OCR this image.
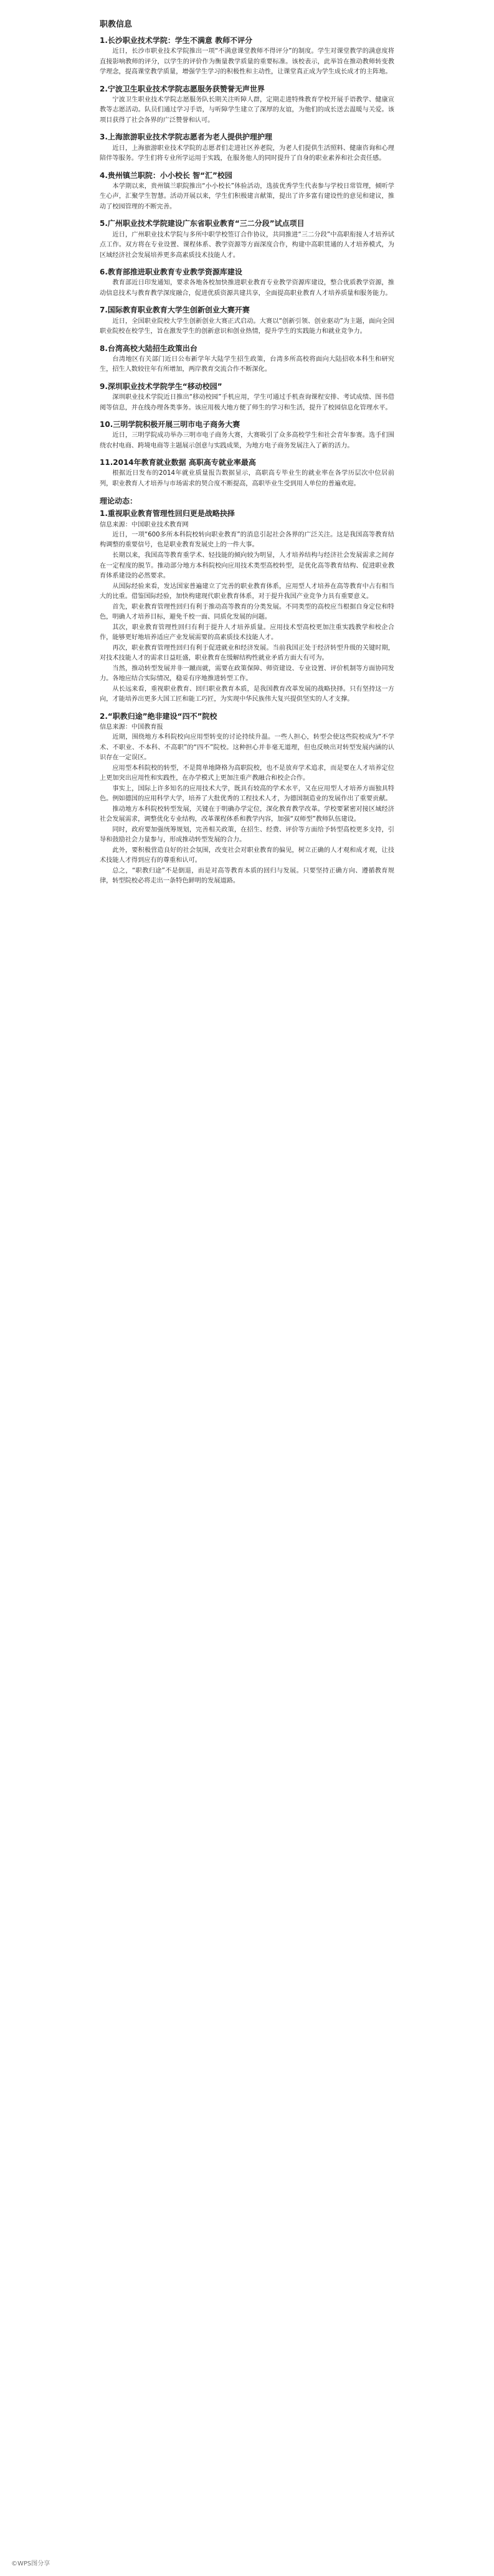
职教信息
1.长沙职业技术学院：学生不满意 教师不评分

近日，长沙市职业技术学院推出一项“不满意课堂教师不得评分”的制度。学生对课堂教学的满意度将直接影响教师的评分，以学生的评价作为衡量教学质量的重要标准。该校表示，此举旨在推动教师转变教学理念，提高课堂教学质量，增强学生学习的积极性和主动性，让课堂真正成为学生成长成才的主阵地。

2.宁波卫生职业技术学院志愿服务获赞誉无声世界

宁波卫生职业技术学院志愿服务队长期关注听障人群，定期走进特殊教育学校开展手语教学、健康宣教等志愿活动。队员们通过学习手语，与听障学生建立了深厚的友谊，为他们的成长送去温暖与关爱。该项目获得了社会各界的广泛赞誉和认可。

3.上海旅游职业技术学院志愿者为老人提供护理护理

近日，上海旅游职业技术学院的志愿者们走进社区养老院，为老人们提供生活照料、健康咨询和心理陪伴等服务。学生们将专业所学运用于实践，在服务他人的同时提升了自身的职业素养和社会责任感。

4.贵州镇兰职院：小小校长 智“汇”校园

本学期以来，贵州镇兰职院推出“小小校长”体验活动，选拔优秀学生代表参与学校日常管理，倾听学生心声，汇聚学生智慧。活动开展以来，学生们积极建言献策，提出了许多富有建设性的意见和建议，推动了校园管理的不断完善。

5.广州职业技术学院建设广东省职业教育“三二分段”试点项目

近日，广州职业技术学院与多所中职学校签订合作协议，共同推进“三二分段”中高职衔接人才培养试点工作。双方将在专业设置、课程体系、教学资源等方面深度合作，构建中高职贯通的人才培养模式，为区域经济社会发展培养更多高素质技术技能人才。

6.教育部推进职业教育专业教学资源库建设

教育部近日印发通知，要求各地各校加快推进职业教育专业教学资源库建设，整合优质教学资源，推动信息技术与教育教学深度融合，促进优质资源共建共享，全面提高职业教育人才培养质量和服务能力。

7.国际教育职业教育大学生创新创业大赛开赛

近日，全国职业院校大学生创新创业大赛正式启动。大赛以“创新引领、创业驱动”为主题，面向全国职业院校在校学生，旨在激发学生的创新意识和创业热情，提升学生的实践能力和就业竞争力。

8.台湾高校大陆招生政策出台

台湾地区有关部门近日公布新学年大陆学生招生政策，台湾多所高校将面向大陆招收本科生和研究生，招生人数较往年有所增加，两岸教育交流合作不断深化。

9.深圳职业技术学院学生“移动校园”

深圳职业技术学院近日推出“移动校园”手机应用，学生可通过手机查询课程安排、考试成绩、图书借阅等信息，并在线办理各类事务。该应用极大地方便了师生的学习和生活，提升了校园信息化管理水平。

10.三明学院积极开展三明市电子商务大赛

近日，三明学院成功举办三明市电子商务大赛，大赛吸引了众多高校学生和社会青年参赛。选手们围绕农村电商、跨境电商等主题展示创意与实践成果，为地方电子商务发展注入了新的活力。

11.2014年教育就业数据 高职高专就业率最高

根据近日发布的2014年就业质量报告数据显示，高职高专毕业生的就业率在各学历层次中位居前列，职业教育人才培养与市场需求的契合度不断提高，高职毕业生受到用人单位的普遍欢迎。

理论动态：
1.重视职业教育管理性回归更是战略抉择
信息来源：中国职业技术教育网

近日，一项“600多所本科院校转向职业教育”的消息引起社会各界的广泛关注。这是我国高等教育结构调整的重要信号，也是职业教育发展史上的一件大事。

长期以来，我国高等教育重学术、轻技能的倾向较为明显，人才培养结构与经济社会发展需求之间存在一定程度的脱节。推动部分地方本科院校向应用技术类型高校转型，是优化高等教育结构、促进职业教育体系建设的必然要求。

从国际经验来看，发达国家普遍建立了完善的职业教育体系，应用型人才培养在高等教育中占有相当大的比重。借鉴国际经验，加快构建现代职业教育体系，对于提升我国产业竞争力具有重要意义。

首先，职业教育管理性回归有利于推动高等教育的分类发展。不同类型的高校应当根据自身定位和特色，明确人才培养目标，避免千校一面、同质化发展的问题。

其次，职业教育管理性回归有利于提升人才培养质量。应用技术型高校更加注重实践教学和校企合作，能够更好地培养适应产业发展需要的高素质技术技能人才。

再次，职业教育管理性回归有利于促进就业和经济发展。当前我国正处于经济转型升级的关键时期，对技术技能人才的需求日益旺盛，职业教育在缓解结构性就业矛盾方面大有可为。

当然，推动转型发展并非一蹴而就，需要在政策保障、师资建设、专业设置、评价机制等方面协同发力。各地应结合实际情况，稳妥有序地推进转型工作。

从长远来看，重视职业教育、回归职业教育本质，是我国教育改革发展的战略抉择。只有坚持这一方向，才能培养出更多大国工匠和能工巧匠，为实现中华民族伟大复兴提供坚实的人才支撑。

2.“职教归途”绝非建设“四不”院校
信息来源：中国教育报

近期，围绕地方本科院校向应用型转变的讨论持续升温。一些人担心，转型会使这些院校成为“不学术、不职业、不本科、不高职”的“四不”院校。这种担心并非毫无道理，但也反映出对转型发展内涵的认识存在一定误区。

应用型本科院校的转型，不是简单地降格为高职院校，也不是放弃学术追求，而是要在人才培养定位上更加突出应用性和实践性，在办学模式上更加注重产教融合和校企合作。

事实上，国际上许多知名的应用技术大学，既具有较高的学术水平，又在应用型人才培养方面独具特色。例如德国的应用科学大学，培养了大批优秀的工程技术人才，为德国制造业的发展作出了重要贡献。

推动地方本科院校转型发展，关键在于明确办学定位，深化教育教学改革。学校要紧密对接区域经济社会发展需求，调整优化专业结构，改革课程体系和教学内容，加强“双师型”教师队伍建设。

同时，政府要加强统筹规划，完善相关政策，在招生、经费、评价等方面给予转型高校更多支持，引导和鼓励社会力量参与，形成推动转型发展的合力。

此外，要积极营造良好的社会氛围，改变社会对职业教育的偏见，树立正确的人才观和成才观，让技术技能人才得到应有的尊重和认可。

总之，“职教归途”不是倒退，而是对高等教育本质的回归与发展。只要坚持正确方向、遵循教育规律，转型院校必将走出一条特色鲜明的发展道路。

©WPS图分享
